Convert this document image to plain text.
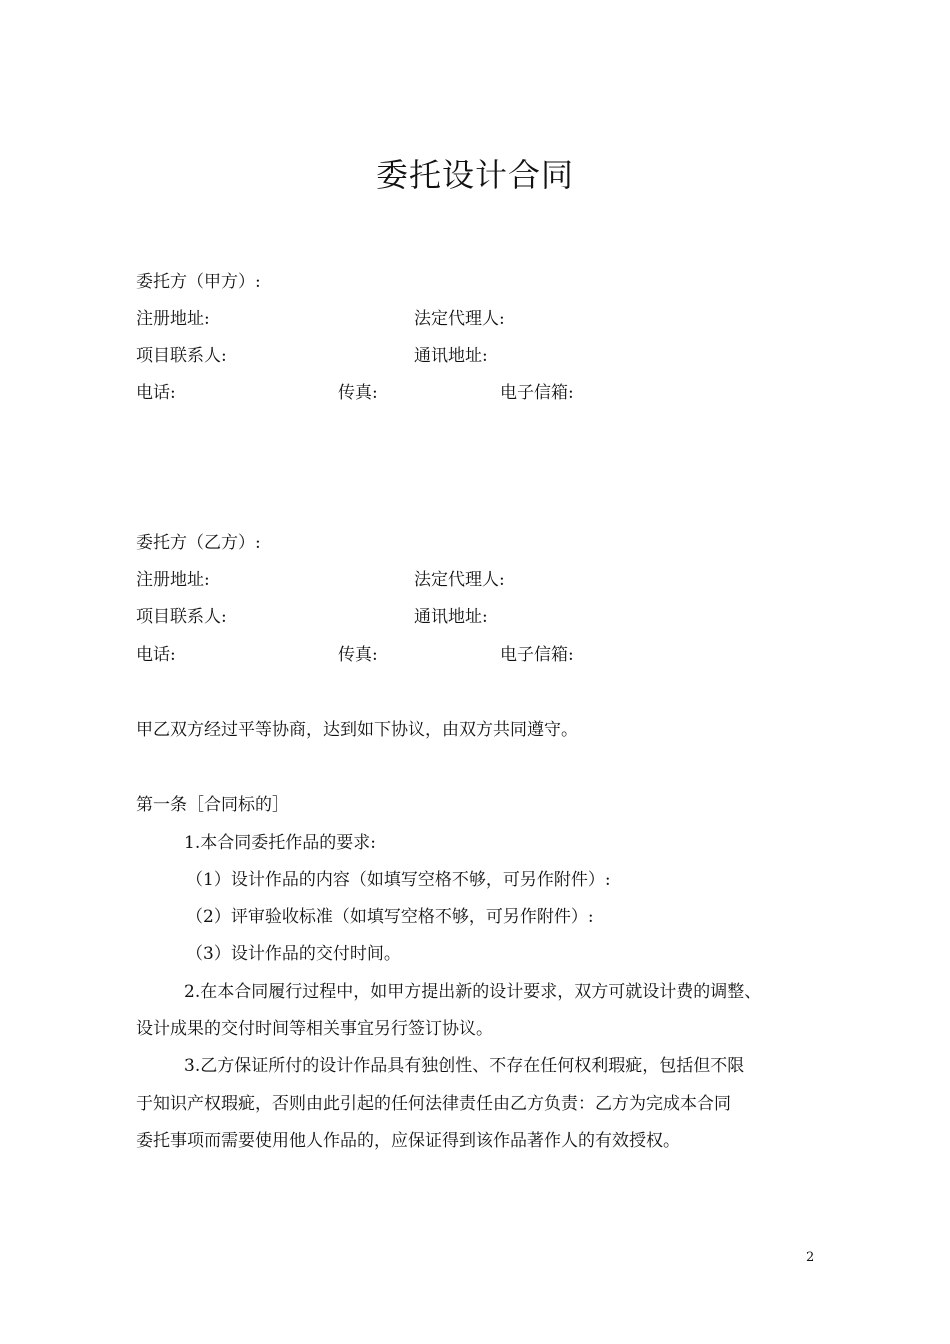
委托设计合同
委托方（甲方）:
注册地址:	法定代理人:
项目联系人:	通讯地址:
电话:	传真:	电子信箱:
委托方（乙方）:
注册地址:	法定代理人:
项目联系人:	通讯地址:
电话:	传真:	电子信箱:
甲乙双方经过平等协商，达到如下协议，由双方共同遵守。
第一条［合同标的］
1.本合同委托作品的要求:
（1）设计作品的内容（如填写空格不够，可另作附件）:
（2）评审验收标准（如填写空格不够，可另作附件）:
（3）设计作品的交付时间。
2.在本合同履行过程中，如甲方提出新的设计要求，双方可就设计费的调整、
设计成果的交付时间等相关事宜另行签订协议。
3.乙方保证所付的设计作品具有独创性、不存在任何权利瑕疵，包括但不限
于知识产权瑕疵，否则由此引起的任何法律责任由乙方负责：乙方为完成本合同
委托事项而需要使用他人作品的，应保证得到该作品著作人的有效授权。
2
